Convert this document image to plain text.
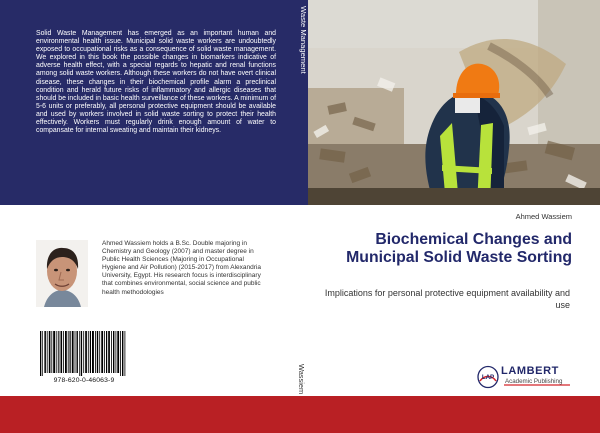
Solid Waste Management has emerged as an important human and environmental health issue. Municipal solid waste workers are undoubtedly exposed to occupational risks as a consequence of solid waste management. We explored in this book the possible changes in biomarkers indicative of adverse health effect, with a special regards to hepatic and renal functions among solid waste workers. Although these workers do not have overt clinical disease, these changes in their biochemical profile alarm a preclinical condition and herald future risks of inflammatory and allergic diseases that should be included in basic health surveillance of these workers. A minimum of 5-6 units or preferably, all personal protective equipment should be available and used by workers involved in solid waste sorting to protect their health effectively. Workers must regularly drink enough amount of water to compansate for internal sweating and maintain their kidneys.

Waste Management
Wassiem
Ahmed Wassiem
Biochemical Changes and Municipal Solid Waste Sorting

Implications for personal protective equipment availability and use

Ahmed Wassiem holds a B.Sc. Double majoring in Chemistry and Geology (2007) and master degree in Public Health Sciences (Majoring in Occupational Hygiene and Air Pollution) (2015-2017) from Alexandria University, Egypt. His research focus is interdisciplinary that combines environmental, social science and public health methodologies

978-620-0-46063-9	LAP
LAMBERT
Academic Publishing
